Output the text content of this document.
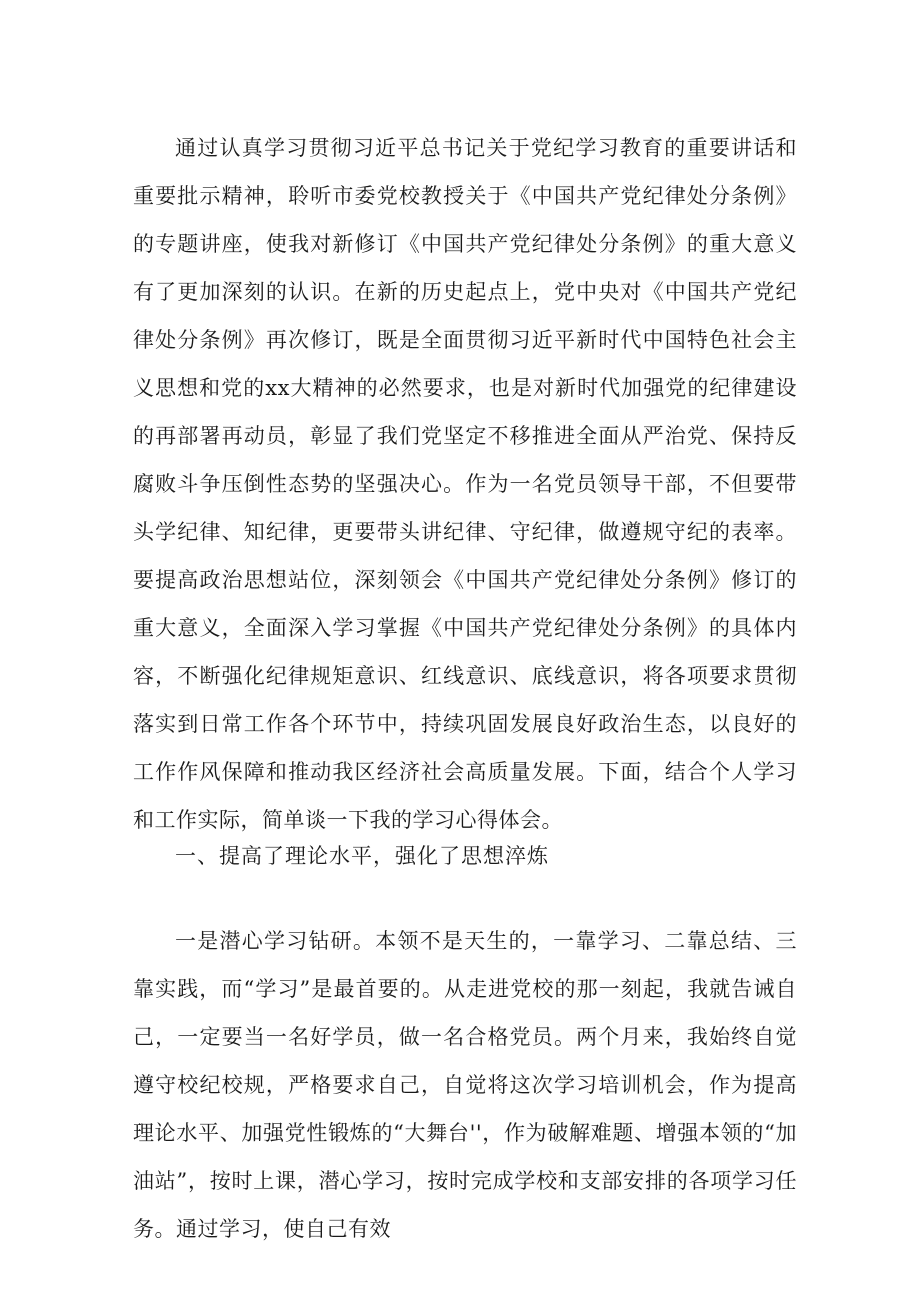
通过认真学习贯彻习近平总书记关于党纪学习教育的重要讲话和重要批示精神，聆听市委党校教授关于《中国共产党纪律处分条例》的专题讲座，使我对新修订《中国共产党纪律处分条例》的重大意义有了更加深刻的认识。在新的历史起点上，党中央对《中国共产党纪律处分条例》再次修订，既是全面贯彻习近平新时代中国特色社会主义思想和党的xx大精神的必然要求，也是对新时代加强党的纪律建设的再部署再动员，彰显了我们党坚定不移推进全面从严治党、保持反腐败斗争压倒性态势的坚强决心。作为一名党员领导干部，不但要带头学纪律、知纪律，更要带头讲纪律、守纪律，做遵规守纪的表率。要提高政治思想站位，深刻领会《中国共产党纪律处分条例》修订的重大意义，全面深入学习掌握《中国共产党纪律处分条例》的具体内容，不断强化纪律规矩意识、红线意识、底线意识，将各项要求贯彻落实到日常工作各个环节中，持续巩固发展良好政治生态，以良好的工作作风保障和推动我区经济社会高质量发展。下面，结合个人学习和工作实际，简单谈一下我的学习心得体会。

一、提高了理论水平，强化了思想淬炼

一是潜心学习钻研。本领不是天生的，一靠学习、二靠总结、三靠实践，而“学习”是最首要的。从走进党校的那一刻起，我就告诫自己，一定要当一名好学员，做一名合格党员。两个月来，我始终自觉遵守校纪校规，严格要求自己，自觉将这次学习培训机会，作为提高理论水平、加强党性锻炼的“大舞台''，作为破解难题、增强本领的“加油站”，按时上课，潜心学习，按时完成学校和支部安排的各项学习任务。通过学习，使自己有效
